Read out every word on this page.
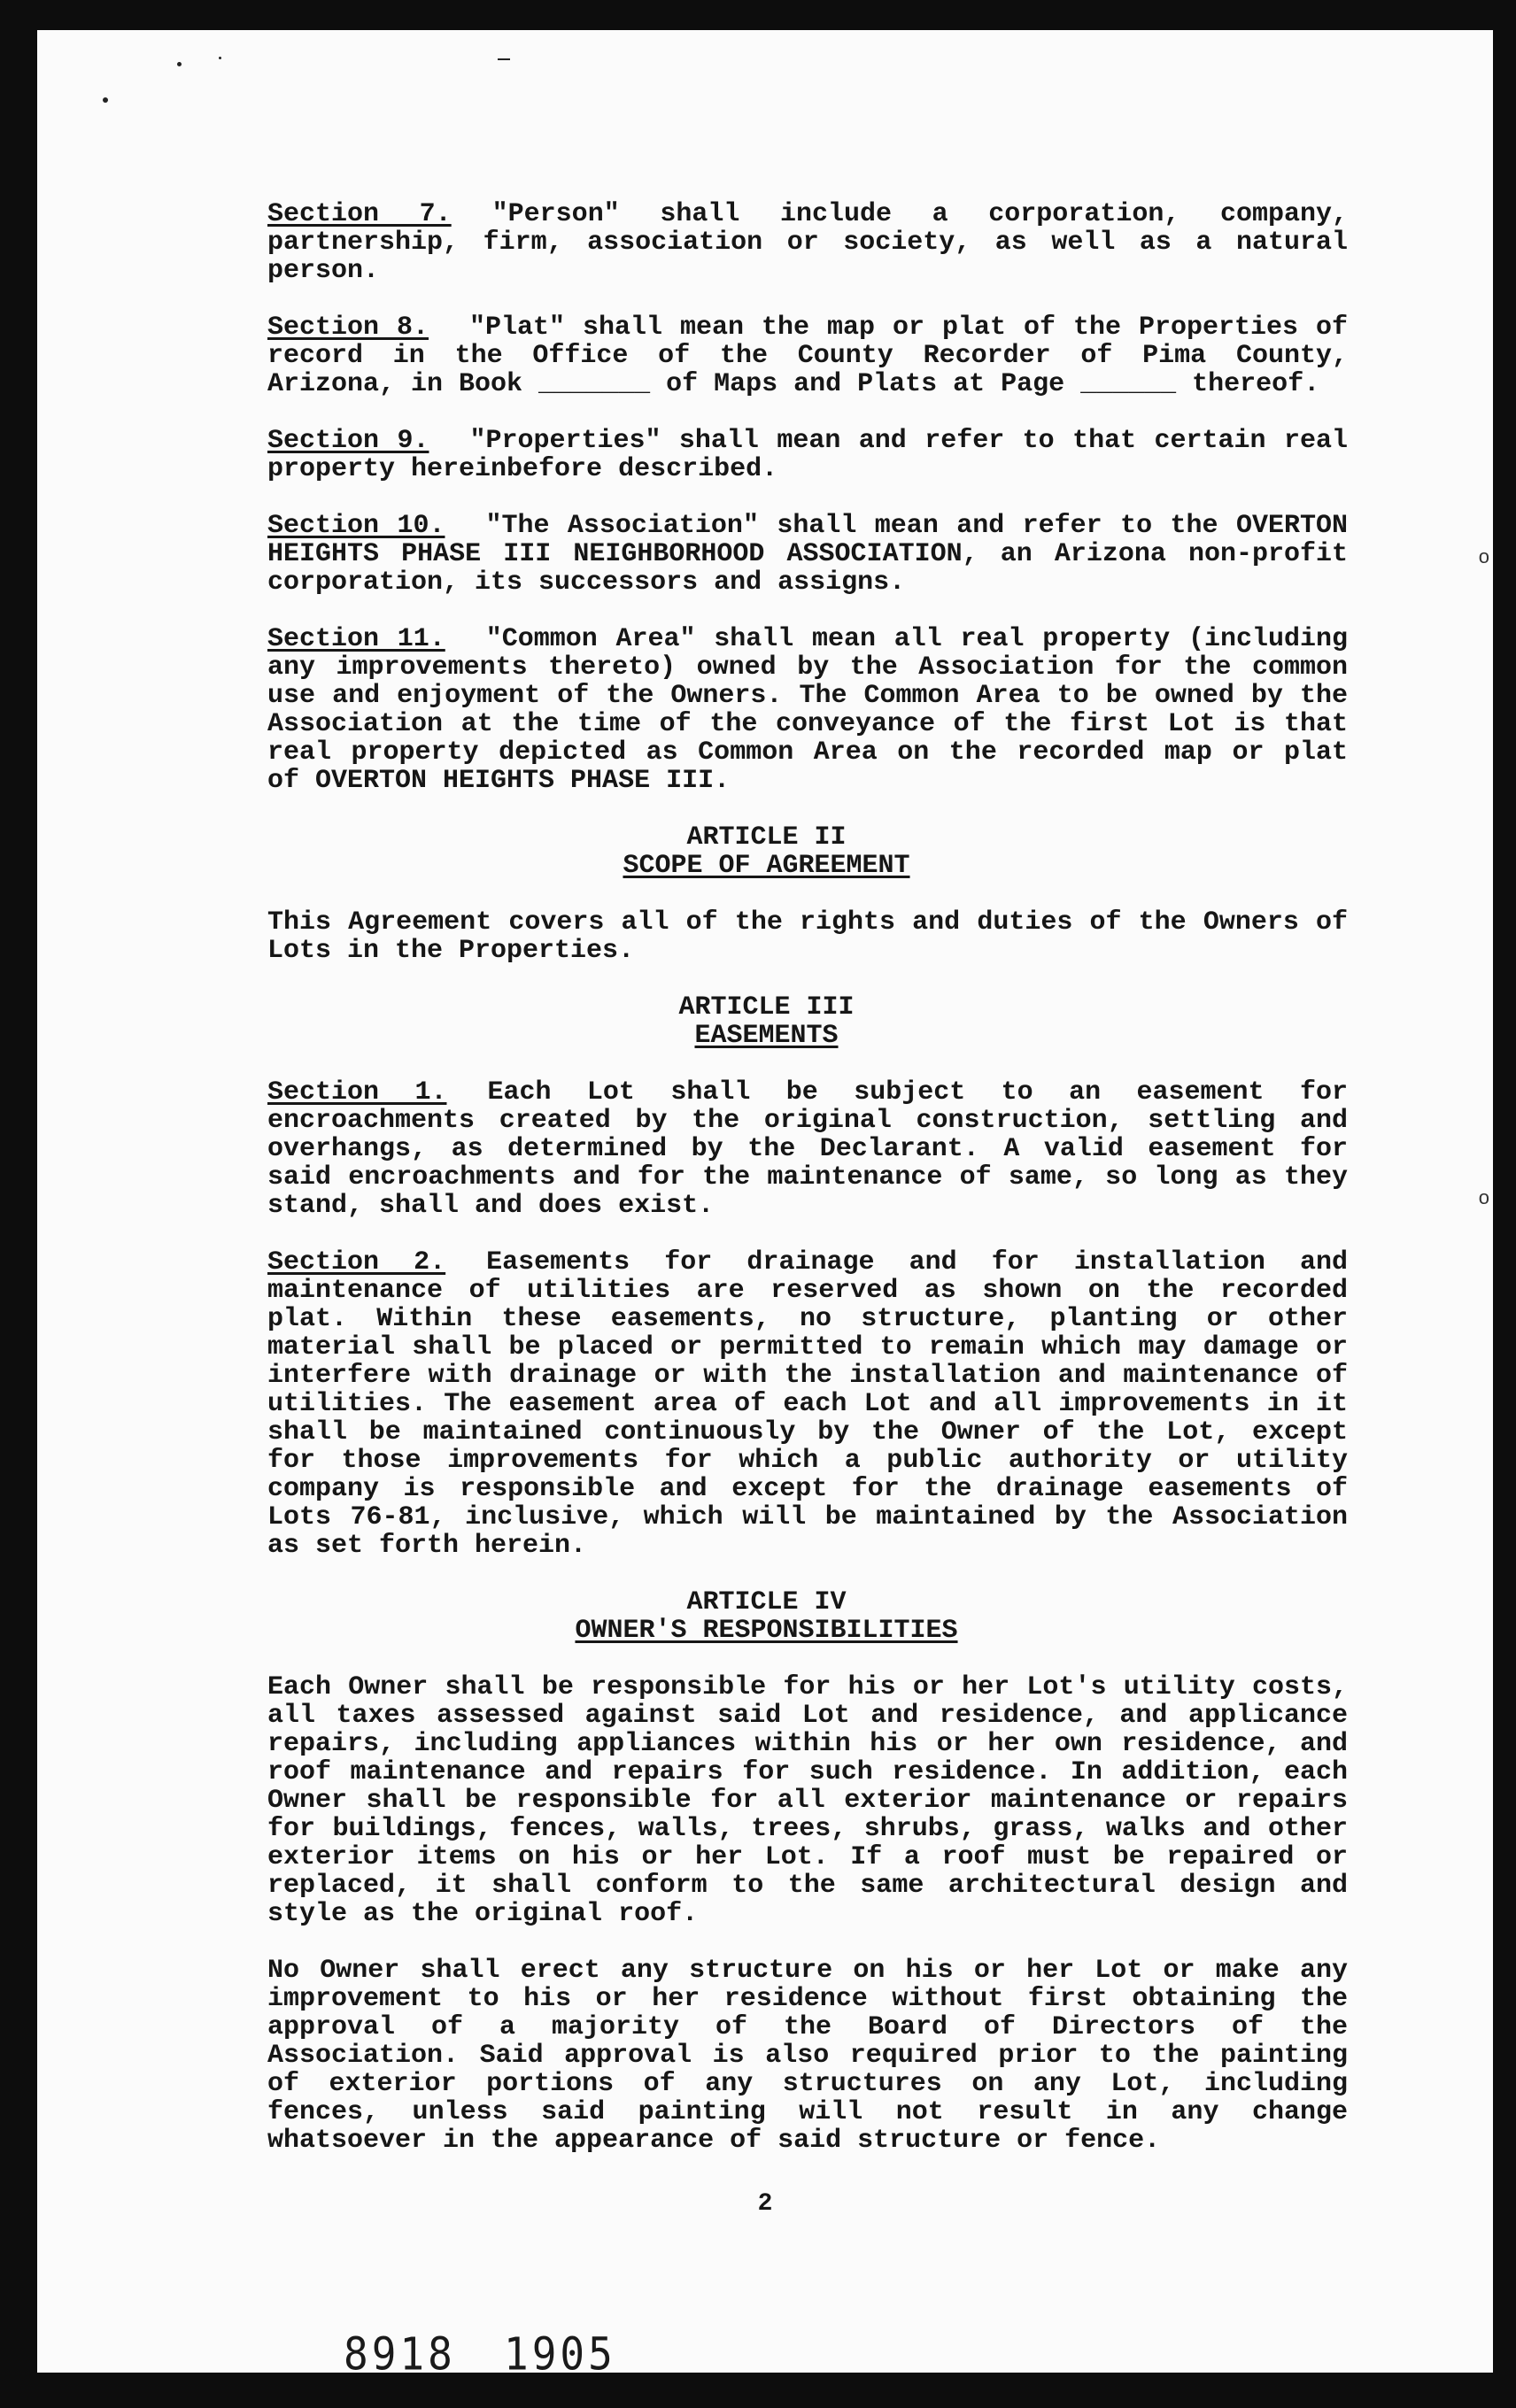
o
o

Section 7. "Person" shall include a corporation, company, partnership, firm, association or society, as well as a natural person.

Section 8. "Plat" shall mean the map or plat of the Properties of record in the Office of the County Recorder of Pima County, Arizona, in Book _______ of Maps and Plats at Page ______ thereof.

Section 9. "Properties" shall mean and refer to that certain real property hereinbefore described.

Section 10. "The Association" shall mean and refer to the OVERTON HEIGHTS PHASE III NEIGHBORHOOD ASSOCIATION, an Arizona non-profit corporation, its successors and assigns.

Section 11. "Common Area" shall mean all real property (including any improvements thereto) owned by the Association for the common use and enjoyment of the Owners. The Common Area to be owned by the Association at the time of the conveyance of the first Lot is that real property depicted as Common Area on the recorded map or plat of OVERTON HEIGHTS PHASE III.

ARTICLE II

SCOPE OF AGREEMENT

This Agreement covers all of the rights and duties of the Owners of Lots in the Properties.

ARTICLE III

EASEMENTS

Section 1. Each Lot shall be subject to an easement for encroachments created by the original construction, settling and overhangs, as determined by the Declarant. A valid easement for said encroachments and for the maintenance of same, so long as they stand, shall and does exist.

Section 2. Easements for drainage and for installation and maintenance of utilities are reserved as shown on the recorded plat. Within these easements, no structure, planting or other material shall be placed or permitted to remain which may damage or interfere with drainage or with the installation and maintenance of utilities. The easement area of each Lot and all improvements in it shall be maintained continuously by the Owner of the Lot, except for those improvements for which a public authority or utility company is responsible and except for the drainage easements of Lots 76-81, inclusive, which will be maintained by the Association as set forth herein.

ARTICLE IV

OWNER'S RESPONSIBILITIES

Each Owner shall be responsible for his or her Lot's utility costs, all taxes assessed against said Lot and residence, and applicance repairs, including appliances within his or her own residence, and roof maintenance and repairs for such residence. In addition, each Owner shall be responsible for all exterior maintenance or repairs for buildings, fences, walls, trees, shrubs, grass, walks and other exterior items on his or her Lot. If a roof must be repaired or replaced, it shall conform to the same architectural design and style as the original roof.

No Owner shall erect any structure on his or her Lot or make any improvement to his or her residence without first obtaining the approval of a majority of the Board of Directors of the Association. Said approval is also required prior to the painting of exterior portions of any structures on any Lot, including fences, unless said painting will not result in any change whatsoever in the appearance of said structure or fence.

2
8918 1905
